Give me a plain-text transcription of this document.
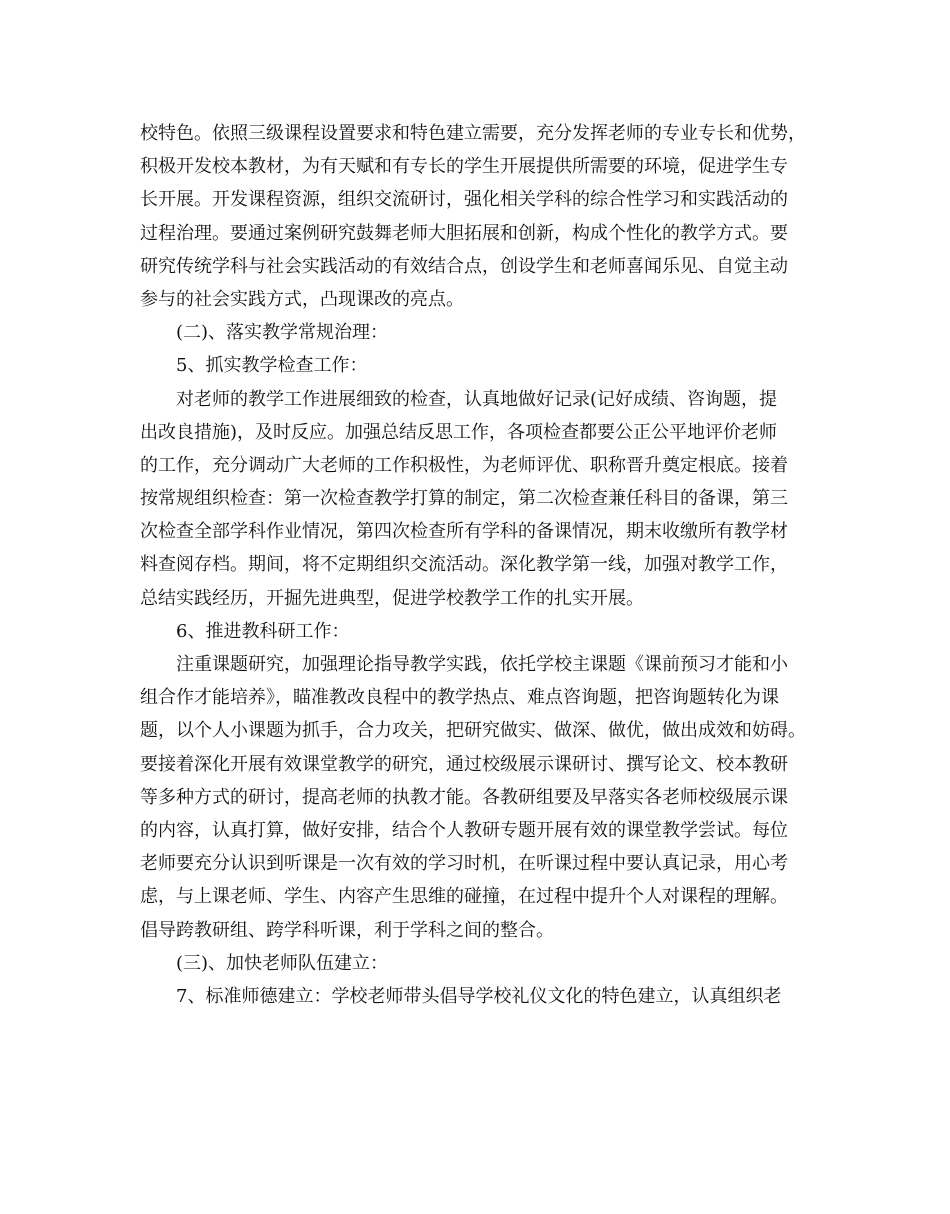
校特色。依照三级课程设置要求和特色建立需要，充分发挥老师的专业专长和优势，
积极开发校本教材，为有天赋和有专长的学生开展提供所需要的环境，促进学生专
长开展。开发课程资源，组织交流研讨，强化相关学科的综合性学习和实践活动的
过程治理。要通过案例研究鼓舞老师大胆拓展和创新，构成个性化的教学方式。要
研究传统学科与社会实践活动的有效结合点，创设学生和老师喜闻乐见、自觉主动
参与的社会实践方式，凸现课改的亮点。
(二)、落实教学常规治理：
5、抓实教学检查工作：
对老师的教学工作进展细致的检查，认真地做好记录(记好成绩、咨询题，提
出改良措施)，及时反应。加强总结反思工作，各项检查都要公正公平地评价老师
的工作，充分调动广大老师的工作积极性，为老师评优、职称晋升奠定根底。接着
按常规组织检查：第一次检查教学打算的制定，第二次检查兼任科目的备课，第三
次检查全部学科作业情况，第四次检查所有学科的备课情况，期末收缴所有教学材
料查阅存档。期间，将不定期组织交流活动。深化教学第一线，加强对教学工作，
总结实践经历，开掘先进典型，促进学校教学工作的扎实开展。
6、推进教科研工作：
注重课题研究，加强理论指导教学实践，依托学校主课题《课前预习才能和小
组合作才能培养》，瞄准教改良程中的教学热点、难点咨询题，把咨询题转化为课
题，以个人小课题为抓手，合力攻关，把研究做实、做深、做优，做出成效和妨碍。
要接着深化开展有效课堂教学的研究，通过校级展示课研讨、撰写论文、校本教研
等多种方式的研讨，提高老师的执教才能。各教研组要及早落实各老师校级展示课
的内容，认真打算，做好安排，结合个人教研专题开展有效的课堂教学尝试。每位
老师要充分认识到听课是一次有效的学习时机，在听课过程中要认真记录，用心考
虑，与上课老师、学生、内容产生思维的碰撞，在过程中提升个人对课程的理解。
倡导跨教研组、跨学科听课，利于学科之间的整合。
(三)、加快老师队伍建立：
7、标准师德建立：学校老师带头倡导学校礼仪文化的特色建立，认真组织老
